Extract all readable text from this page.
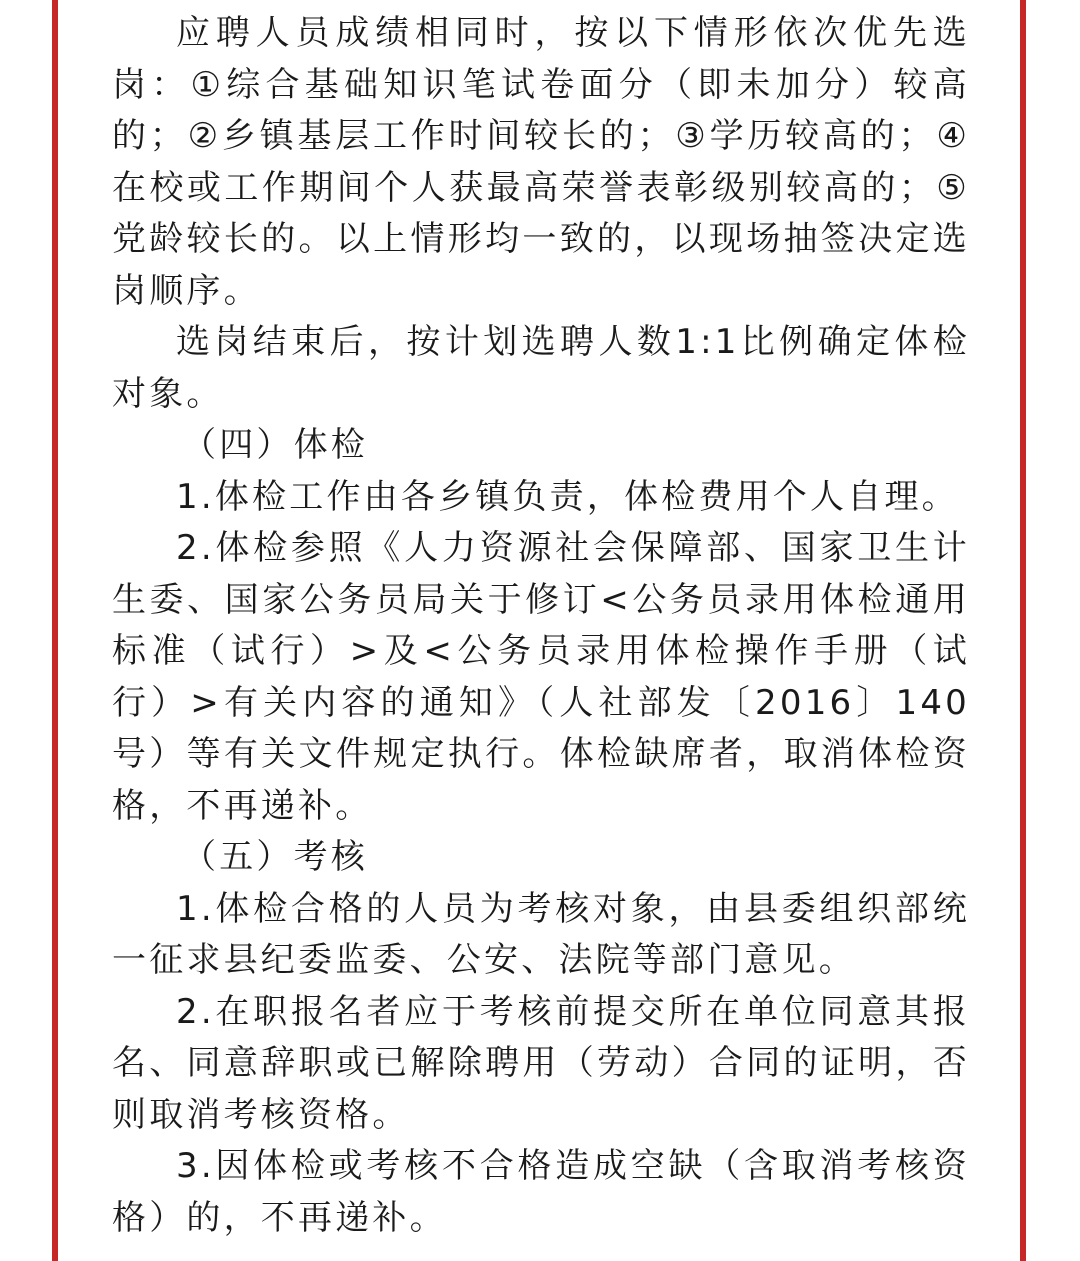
应聘人员成绩相同时，按以下情形依次优先选岗：①综合基础知识笔试卷面分（即未加分）较高的；②乡镇基层工作时间较长的；③学历较高的；④在校或工作期间个人获最高荣誉表彰级别较高的；⑤党龄较长的。以上情形均一致的，以现场抽签决定选岗顺序。

选岗结束后，按计划选聘人数1:1比例确定体检对象。

（四）体检

1.体检工作由各乡镇负责，体检费用个人自理。

2.体检参照《人力资源社会保障部、国家卫生计生委、国家公务员局关于修订<公务员录用体检通用标准（试行）>及<公务员录用体检操作手册（试行）>有关内容的通知》（人社部发〔2016〕140号）等有关文件规定执行。体检缺席者，取消体检资格，不再递补。

（五）考核

1.体检合格的人员为考核对象，由县委组织部统一征求县纪委监委、公安、法院等部门意见。

2.在职报名者应于考核前提交所在单位同意其报名、同意辞职或已解除聘用（劳动）合同的证明，否则取消考核资格。

3.因体检或考核不合格造成空缺（含取消考核资格）的，不再递补。
